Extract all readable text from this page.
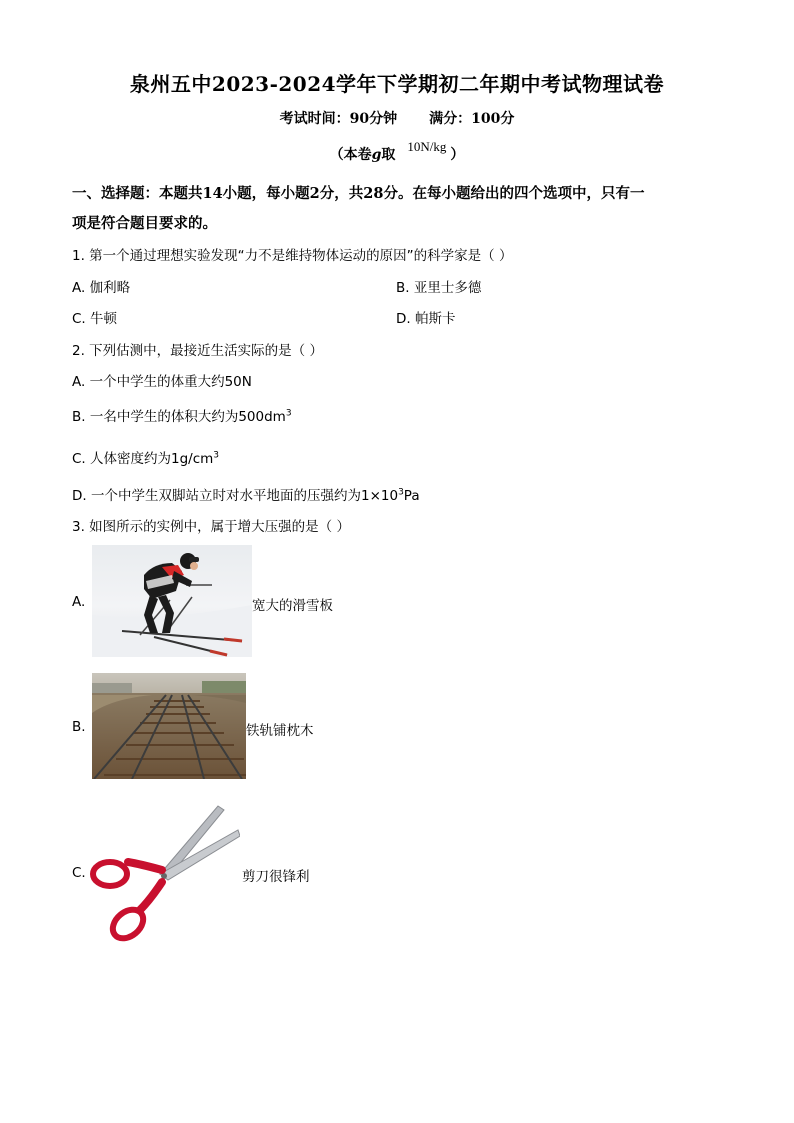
泉州五中2023-2024学年下学期初二年期中考试物理试卷
考试时间：90分钟 满分：100分
（本卷g取10N/kg）
一、选择题：本题共14小题，每小题2分，共28分。在每小题给出的四个选项中，只有一
项是符合题目要求的。
1. 第一个通过理想实验发现“力不是维持物体运动的原因”的科学家是（ ）
A. 伽利略	B. 亚里士多德
C. 牛顿	D. 帕斯卡
2. 下列估测中，最接近生活实际的是（ ）
A. 一个中学生的体重大约50N
B. 一名中学生的体积大约为$500dm^3$
C. 人体密度约为$1g/cm^3$
D. 一个中学生双脚站立时对水平地面的压强约为$1\times 10^3Pa$
3. 如图所示的实例中，属于增大压强的是（ ）
A.	宽大的滑雪板
B.	铁轨铺枕木
C.	剪刀很锋利
